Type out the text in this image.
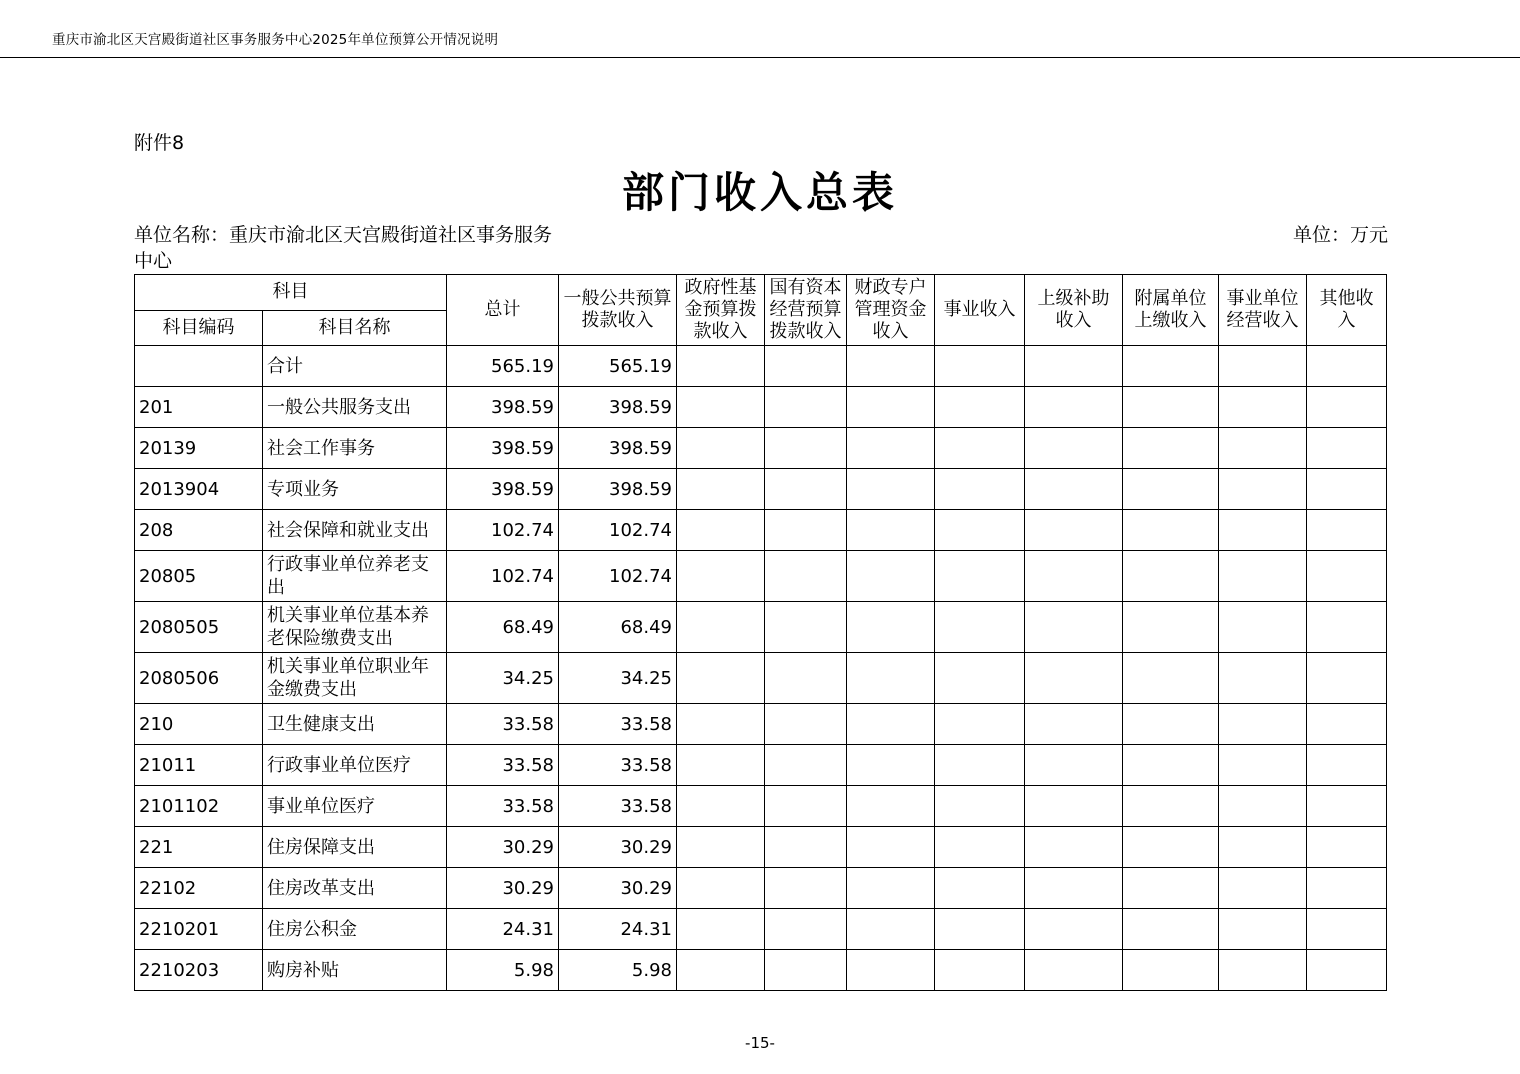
重庆市渝北区天宫殿街道社区事务服务中心2025年单位预算公开情况说明
附件8
部门收入总表
单位名称：重庆市渝北区天宫殿街道社区事务服务中心
单位：万元
科目		总计	一般公共预算拨款收入	政府性基金预算拨款收入	国有资本经营预算拨款收入	财政专户管理资金收入	事业收入	上级补助收入	附属单位上缴收入	事业单位经营收入	其他收入
科目编码	科目名称										
	合计	565.19	565.19								
201	一般公共服务支出	398.59	398.59								
20139	社会工作事务	398.59	398.59								
2013904	专项业务	398.59	398.59								
208	社会保障和就业支出	102.74	102.74								
20805	行政事业单位养老支出	102.74	102.74								
2080505	机关事业单位基本养老保险缴费支出	68.49	68.49								
2080506	机关事业单位职业年金缴费支出	34.25	34.25								
210	卫生健康支出	33.58	33.58								
21011	行政事业单位医疗	33.58	33.58								
2101102	事业单位医疗	33.58	33.58								
221	住房保障支出	30.29	30.29								
22102	住房改革支出	30.29	30.29								
2210201	住房公积金	24.31	24.31								
2210203	购房补贴	5.98	5.98								
-15-
